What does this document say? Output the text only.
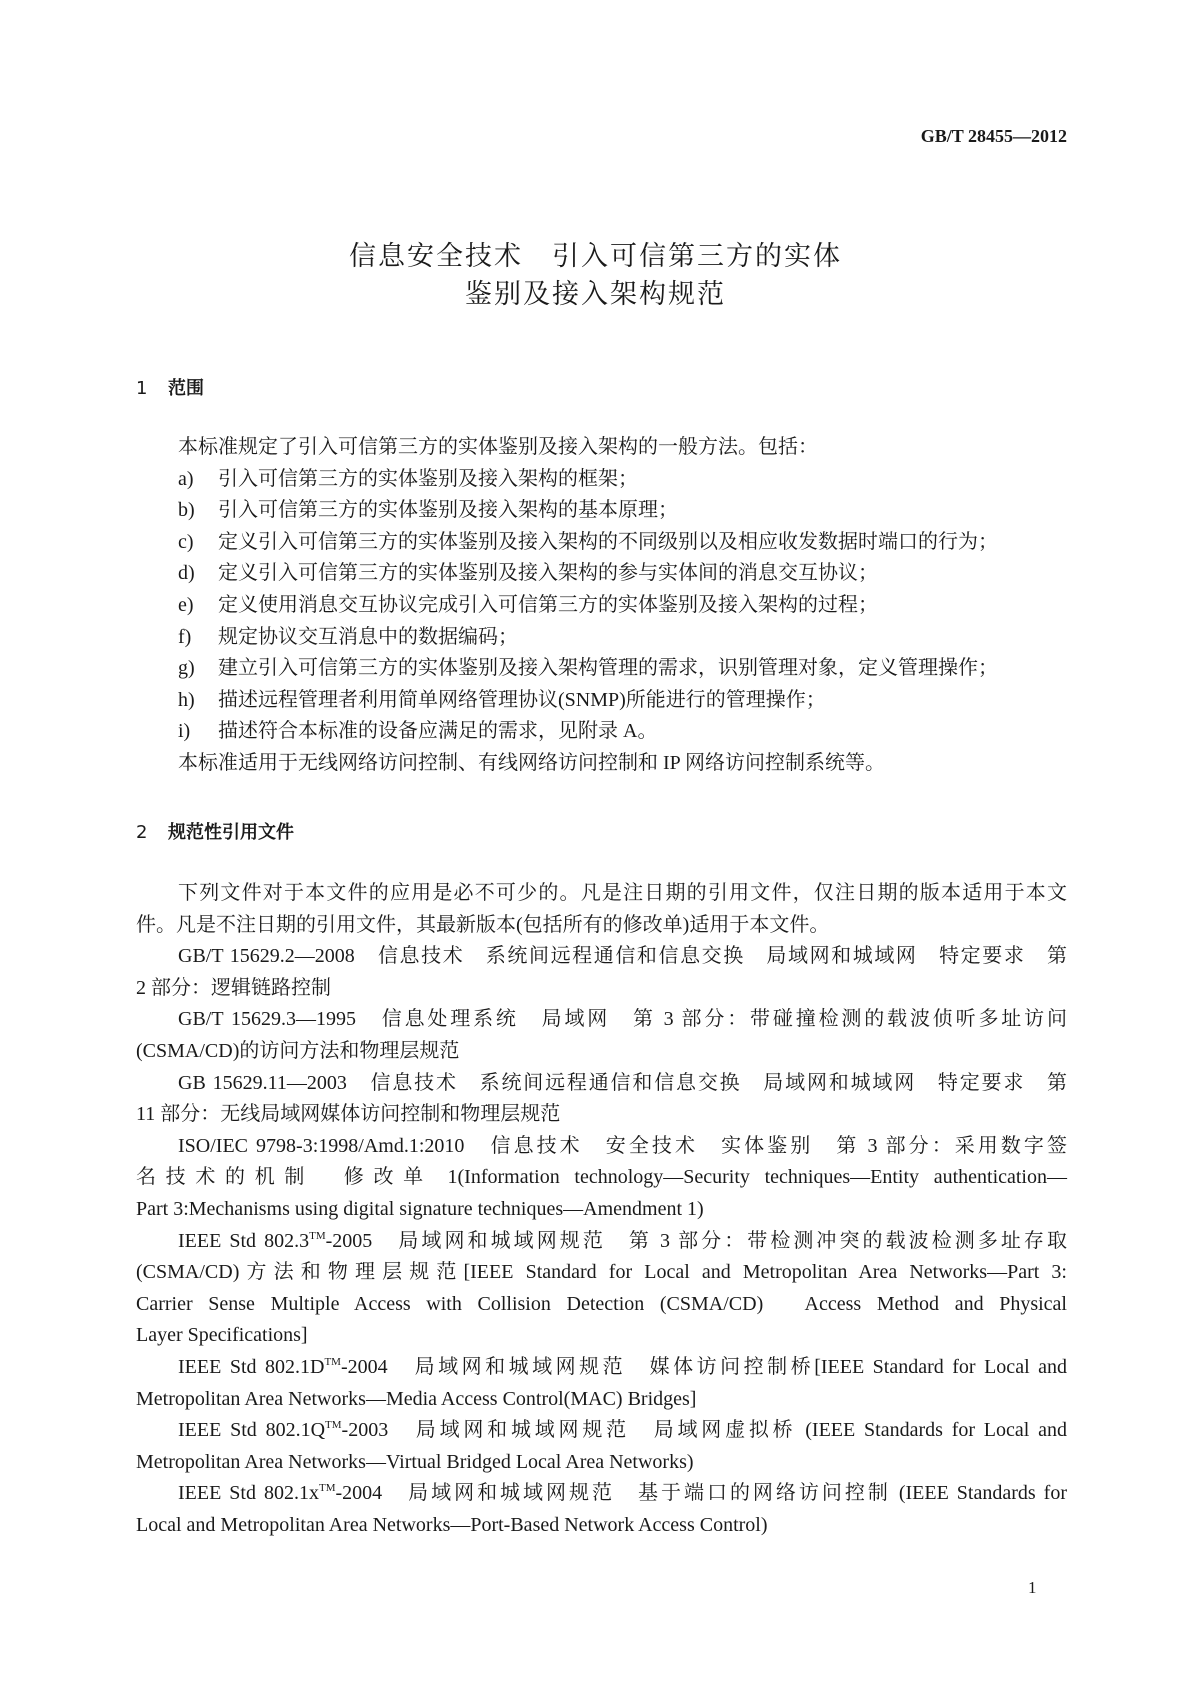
GB/T 28455—2012
信息安全技术　引入可信第三方的实体
鉴别及接入架构规范
1 范围
本标准规定了引入可信第三方的实体鉴别及接入架构的一般方法。包括：
a) 引入可信第三方的实体鉴别及接入架构的框架；
b) 引入可信第三方的实体鉴别及接入架构的基本原理；
c) 定义引入可信第三方的实体鉴别及接入架构的不同级别以及相应收发数据时端口的行为；
d) 定义引入可信第三方的实体鉴别及接入架构的参与实体间的消息交互协议；
e) 定义使用消息交互协议完成引入可信第三方的实体鉴别及接入架构的过程；
f) 规定协议交互消息中的数据编码；
g) 建立引入可信第三方的实体鉴别及接入架构管理的需求，识别管理对象，定义管理操作；
h) 描述远程管理者利用简单网络管理协议(SNMP)所能进行的管理操作；
i) 描述符合本标准的设备应满足的需求，见附录 A。
本标准适用于无线网络访问控制、有线网络访问控制和 IP 网络访问控制系统等。
2 规范性引用文件
下列文件对于本文件的应用是必不可少的。凡是注日期的引用文件，仅注日期的版本适用于本文
件。凡是不注日期的引用文件，其最新版本(包括所有的修改单)适用于本文件。
GB/T 15629.2—2008　信息技术　系统间远程通信和信息交换　局域网和城域网　特定要求　第
2 部分：逻辑链路控制
GB/T 15629.3—1995　信息处理系统　局域网　第 3 部分：带碰撞检测的载波侦听多址访问
(CSMA/CD)的访问方法和物理层规范
GB 15629.11—2003　信息技术　系统间远程通信和信息交换　局域网和城域网　特定要求　第
11 部分：无线局域网媒体访问控制和物理层规范
ISO/IEC 9798-3:1998/Amd.1:2010　信息技术　安全技术　实体鉴别　第 3 部分：采用数字签
名技术的机制　修改单 1(Information technology—Security techniques—Entity authentication—
Part 3:Mechanisms using digital signature techniques—Amendment 1)
IEEE Std 802.3™-2005　局域网和城域网规范　第 3 部分：带检测冲突的载波检测多址存取
(CSMA/CD)方法和物理层规范[IEEE Standard for Local and Metropolitan Area Networks—Part 3:
Carrier Sense Multiple Access with Collision Detection (CSMA/CD)　Access Method and Physical
Layer Specifications]
IEEE Std 802.1D™-2004　局域网和城域网规范　媒体访问控制桥[IEEE Standard for Local and
Metropolitan Area Networks—Media Access Control(MAC) Bridges]
IEEE Std 802.1Q™-2003　局域网和城域网规范　局域网虚拟桥 (IEEE Standards for Local and
Metropolitan Area Networks—Virtual Bridged Local Area Networks)
IEEE Std 802.1x™-2004　局域网和城域网规范　基于端口的网络访问控制 (IEEE Standards for
Local and Metropolitan Area Networks—Port-Based Network Access Control)
1
